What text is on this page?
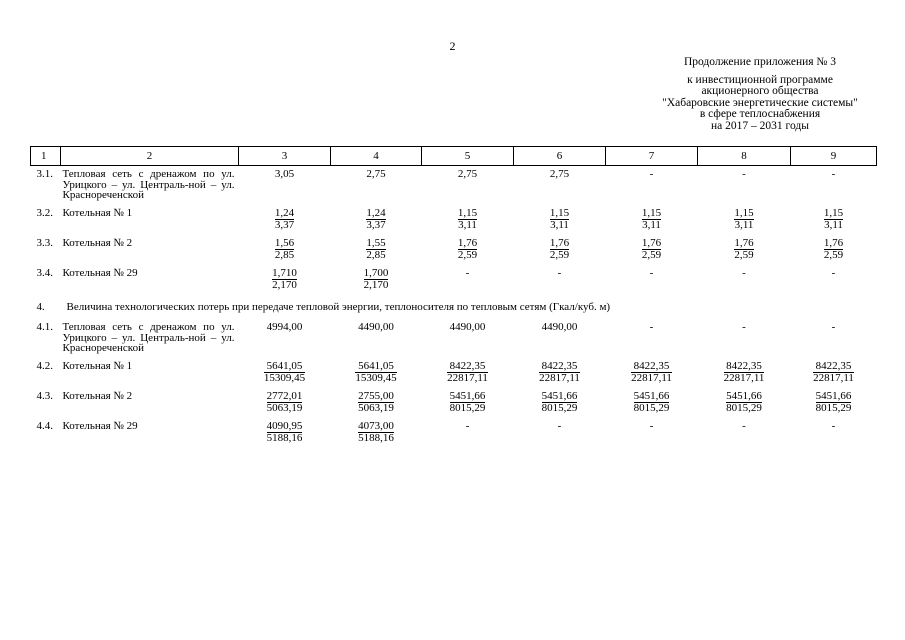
2
Продолжение приложения № 3
к инвестиционной программе
акционерного общества
"Хабаровские энергетические системы"
в сфере теплоснабжения
на 2017 – 2031 годы
1	2	3	4	5	6	7	8	9
3.1.	Тепловая сеть с дренажом по ул. Урицкого – ул. Централь-ной – ул. Краснореченской	3,05	2,75	2,75	2,75	-	-	-
3.2.	Котельная № 1	$\frac{1,24}{3,37}$	$\frac{1,24}{3,37}$	$\frac{1,15}{3,11}$	$\frac{1,15}{3,11}$	$\frac{1,15}{3,11}$	$\frac{1,15}{3,11}$	$\frac{1,15}{3,11}$

3.3.	Котельная № 2	$\frac{1,56}{2,85}$	$\frac{1,55}{2,85}$	$\frac{1,76}{2,59}$	$\frac{1,76}{2,59}$	$\frac{1,76}{2,59}$	$\frac{1,76}{2,59}$	$\frac{1,76}{2,59}$

3.4.	Котельная № 29	$\frac{1,710}{2,170}$	$\frac{1,700}{2,170}$	-	-	-	-	-
4.	Величина технологических потерь при передаче тепловой энергии, теплоносителя по тепловым сетям (Гкал/куб. м)							
4.1.	Тепловая сеть с дренажом по ул. Урицкого – ул. Централь-ной – ул. Краснореченской	4994,00	4490,00	4490,00	4490,00	-	-	-
4.2.	Котельная № 1	$\frac{5641,05}{15309,45}$	$\frac{5641,05}{15309,45}$	$\frac{8422,35}{22817,11}$	$\frac{8422,35}{22817,11}$	$\frac{8422,35}{22817,11}$	$\frac{8422,35}{22817,11}$	$\frac{8422,35}{22817,11}$

4.3.	Котельная № 2	$\frac{2772,01}{5063,19}$	$\frac{2755,00}{5063,19}$	$\frac{5451,66}{8015,29}$	$\frac{5451,66}{8015,29}$	$\frac{5451,66}{8015,29}$	$\frac{5451,66}{8015,29}$	$\frac{5451,66}{8015,29}$

4.4.	Котельная № 29	$\frac{4090,95}{5188,16}$	$\frac{4073,00}{5188,16}$	-	-	-	-	-
